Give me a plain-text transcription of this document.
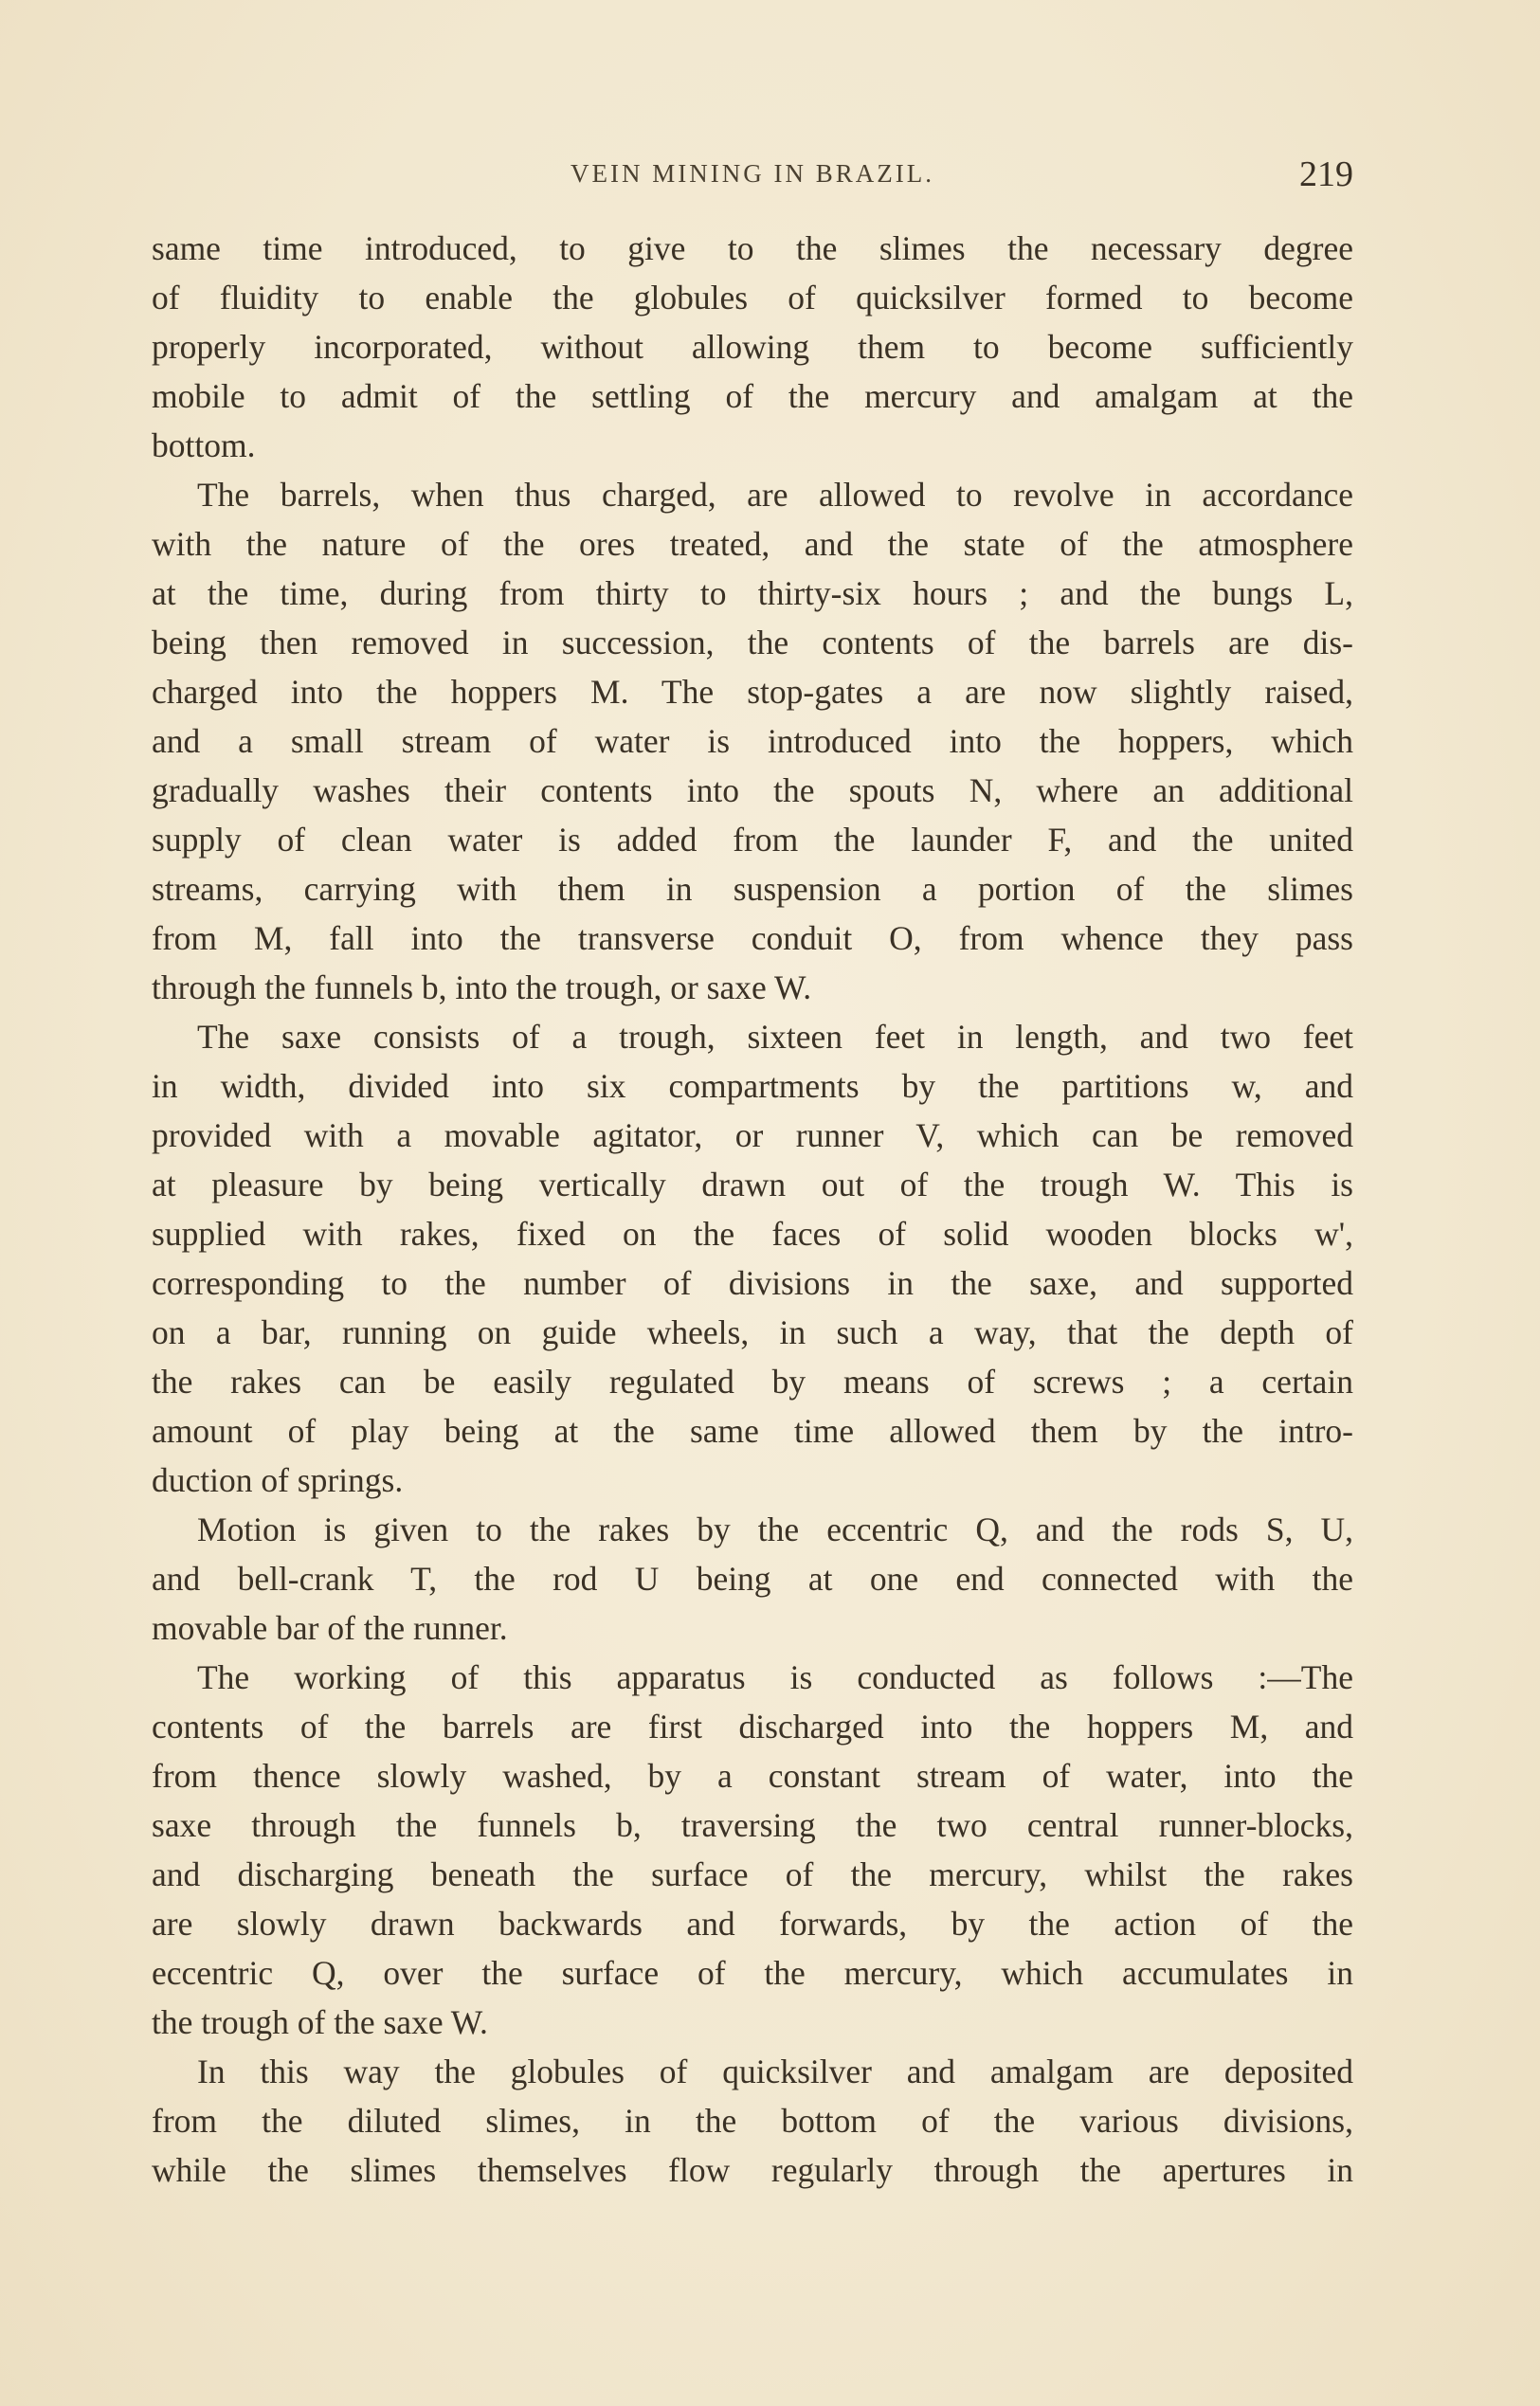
VEIN MINING IN BRAZIL.	219
same time introduced, to give to the slimes the necessary degree
of fluidity to enable the globules of quicksilver formed to become
properly incorporated, without allowing them to become sufficiently
mobile to admit of the settling of the mercury and amalgam at the
bottom.
The barrels, when thus charged, are allowed to revolve in accordance
with the nature of the ores treated, and the state of the atmosphere
at the time, during from thirty to thirty-six hours ; and the bungs L,
being then removed in succession, the contents of the barrels are dis-
charged into the hoppers M. The stop-gates a are now slightly raised,
and a small stream of water is introduced into the hoppers, which
gradually washes their contents into the spouts N, where an additional
supply of clean water is added from the launder F, and the united
streams, carrying with them in suspension a portion of the slimes
from M, fall into the transverse conduit O, from whence they pass
through the funnels b, into the trough, or saxe W.
The saxe consists of a trough, sixteen feet in length, and two feet
in width, divided into six compartments by the partitions w, and
provided with a movable agitator, or runner V, which can be removed
at pleasure by being vertically drawn out of the trough W. This is
supplied with rakes, fixed on the faces of solid wooden blocks w',
corresponding to the number of divisions in the saxe, and supported
on a bar, running on guide wheels, in such a way, that the depth of
the rakes can be easily regulated by means of screws ; a certain
amount of play being at the same time allowed them by the intro-
duction of springs.
Motion is given to the rakes by the eccentric Q, and the rods S, U,
and bell-crank T, the rod U being at one end connected with the
movable bar of the runner.
The working of this apparatus is conducted as follows :—The
contents of the barrels are first discharged into the hoppers M, and
from thence slowly washed, by a constant stream of water, into the
saxe through the funnels b, traversing the two central runner-blocks,
and discharging beneath the surface of the mercury, whilst the rakes
are slowly drawn backwards and forwards, by the action of the
eccentric Q, over the surface of the mercury, which accumulates in
the trough of the saxe W.
In this way the globules of quicksilver and amalgam are deposited
from the diluted slimes, in the bottom of the various divisions,
while the slimes themselves flow regularly through the apertures in
